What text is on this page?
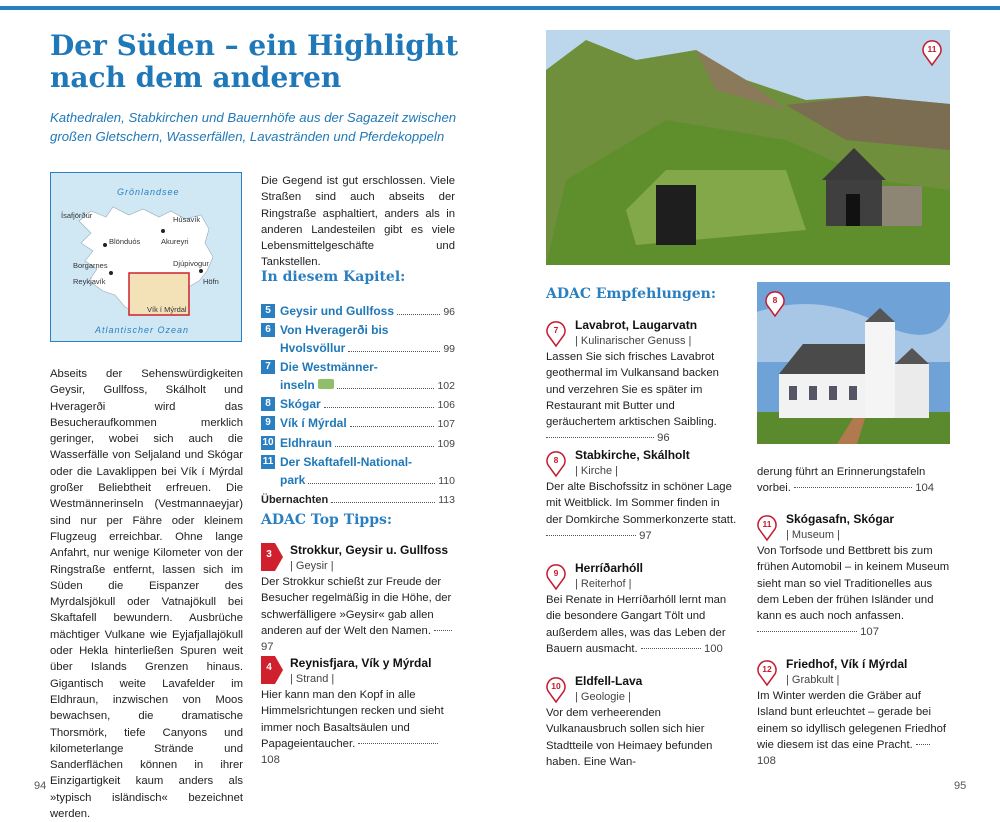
Der Süden – ein Highlight nach dem anderen

Kathedralen, Stabkirchen und Bauernhöfe aus der Sagazeit zwischen großen Gletschern, Wasserfällen, Lavastränden und Pferdekoppeln

Grönlandsee
Atlantischer Ozean
Ísafjörður	Húsavík
Blönduós	Akureyri
Borgarnes	Djúpivogur
Reykjavík	Höfn
Vík í Mýrdal

Abseits der Sehenswürdigkeiten Geysir, Gullfoss, Skálholt und Hveragerði wird das Besucheraufkommen merklich geringer, wobei sich auch die Wasserfälle von Seljaland und Skógar oder die Lavaklippen bei Vík í Mýrdal großer Beliebtheit erfreuen. Die Westmännerinseln (Vestmannaeyjar) sind nur per Fähre oder kleinem Flugzeug erreichbar. Ohne lange Anfahrt, nur wenige Kilometer von der Ringstraße entfernt, lassen sich im Süden die Eispanzer des Myrdalsjökull oder Vatnajökull bei Skaftafell bewundern. Ausbrüche mächtiger Vulkane wie Eyjafjallajökull oder Hekla hinterließen Spuren weit über Islands Grenzen hinaus. Gigantisch weite Lavafelder im Eldhraun, inzwischen von Moos bewachsen, die dramatische Thorsmörk, tiefe Canyons und kilometerlange Strände und Sanderflächen können in ihrer Einzigartigkeit kaum anders als »typisch isländisch« bezeichnet werden.

Die Gegend ist gut erschlossen. Viele Straßen sind auch abseits der Ringstraße asphaltiert, anders als in anderen Landesteilen gibt es viele Lebensmittelgeschäfte und Tankstellen.

In diesem Kapitel:
5 Geysir und Gullfoss	96
6 Von Hveragerði bis
Hvolsvöllur	99
7 Die Westmänner-
inseln	102
8 Skógar	106
9 Vík í Mýrdal	107
10 Eldhraun	109
11 Der Skaftafell-National-
park	110
Übernachten	113
ADAC Top Tipps:
3	Strokkur, Geysir u. Gullfoss
| Geysir |
Der Strokkur schießt zur Freude der Besucher regelmäßig in die Höhe, der schwerfälligere »Geysir« gab allen anderen auf der Welt den Namen.  97
4	Reynisfjara, Vík y Mýrdal
| Strand |
Hier kann man den Kopf in alle Himmelsrichtungen recken und sieht immer noch Basaltsäulen und Papageientaucher.  108
94
11
ADAC Empfehlungen:	8
7	Lavabrot, Laugarvatn
| Kulinarischer Genuss |
Lassen Sie sich frisches Lavabrot geothermal im Vulkansand backen und verzehren Sie es später im Restaurant mit Butter und geräuchertem arktischen Saibling.  96
8	Stabkirche, Skálholt
| Kirche |
Der alte Bischofssitz in schöner Lage mit Weitblick. Im Sommer finden in der Domkirche Sommerkonzerte statt.  97
9	Herríðarhóll
| Reiterhof |
Bei Renate in Herríðarhóll lernt man die besondere Gangart Tölt und außerdem alles, was das Leben der Bauern ausmacht.	100
10	Eldfell-Lava
| Geologie |
Vor dem verheerenden Vulkanausbruch sollen sich hier Stadtteile von Heimaey befunden haben. Eine Wan-
derung führt an Erinnerungstafeln vorbei.	104
11	Skógasafn, Skógar
| Museum |
Von Torfsode und Bettbrett bis zum frühen Automobil – in keinem Museum sieht man so viel Traditionelles aus dem Leben der frühen Isländer und kann es auch noch anfassen.  107
12	Friedhof, Vík í Mýrdal
| Grabkult |
Im Winter werden die Gräber auf Island bunt erleuchtet – gerade bei einem so idyllisch gelegenen Friedhof wie diesem ist das eine Pracht.  108
95
